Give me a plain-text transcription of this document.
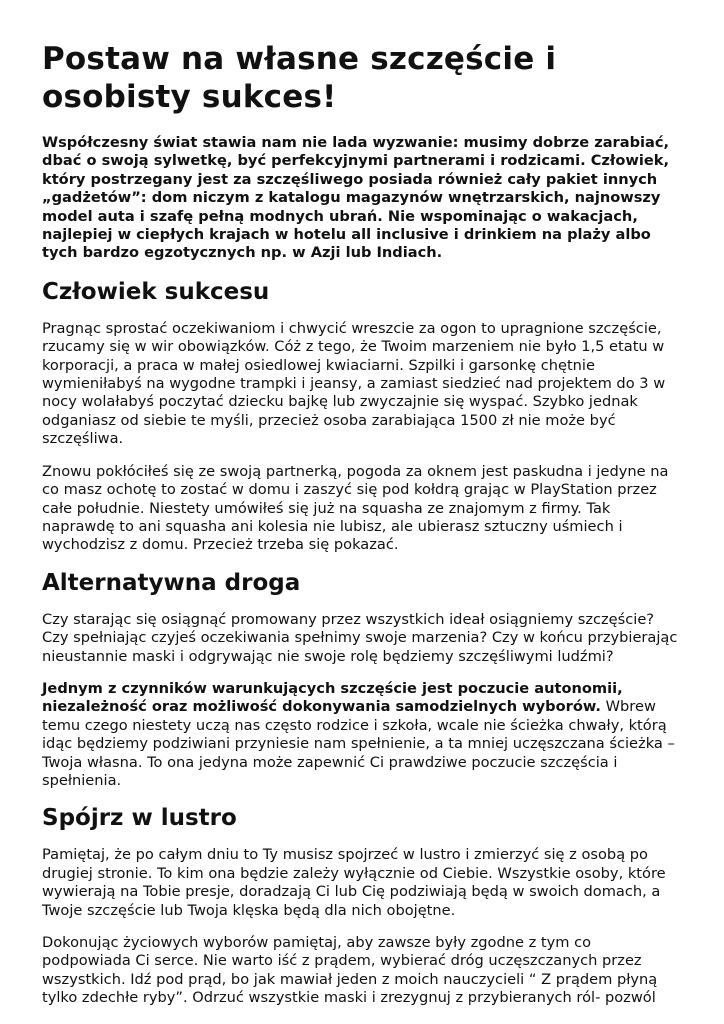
Postaw na własne szczęście i osobisty sukces!

Współczesny świat stawia nam nie lada wyzwanie: musimy dobrze zarabiać, dbać o swoją sylwetkę, być perfekcyjnymi partnerami i rodzicami. Człowiek, który postrzegany jest za szczęśliwego posiada również cały pakiet innych „gadżetów”: dom niczym z katalogu magazynów wnętrzarskich, najnowszy model auta i szafę pełną modnych ubrań. Nie wspominając o wakacjach, najlepiej w ciepłych krajach w hotelu all inclusive i drinkiem na plaży albo tych bardzo egzotycznych np. w Azji lub Indiach.

Człowiek sukcesu

Pragnąc sprostać oczekiwaniom i chwycić wreszcie za ogon to upragnione szczęście, rzucamy się w wir obowiązków. Cóż z tego, że Twoim marzeniem nie było 1,5 etatu w korporacji, a praca w małej osiedlowej kwiaciarni. Szpilki i garsonkę chętnie wymieniłabyś na wygodne trampki i jeansy, a zamiast siedzieć nad projektem do 3 w nocy wolałabyś poczytać dziecku bajkę lub zwyczajnie się wyspać. Szybko jednak odganiasz od siebie te myśli, przecież osoba zarabiająca 1500 zł nie może być szczęśliwa.

Znowu pokłóciłeś się ze swoją partnerką, pogoda za oknem jest paskudna i jedyne na co masz ochotę to zostać w domu i zaszyć się pod kołdrą grając w PlayStation przez całe południe. Niestety umówiłeś się już na squasha ze znajomym z firmy. Tak naprawdę to ani squasha ani kolesia nie lubisz, ale ubierasz sztuczny uśmiech i wychodzisz z domu. Przecież trzeba się pokazać.

Alternatywna droga

Czy starając się osiągnąć promowany przez wszystkich ideał osiągniemy szczęście? Czy spełniając czyjeś oczekiwania spełnimy swoje marzenia? Czy w końcu przybierając nieustannie maski i odgrywając nie swoje rolę będziemy szczęśliwymi ludźmi?

Jednym z czynników warunkujących szczęście jest poczucie autonomii, niezależność oraz możliwość dokonywania samodzielnych wyborów. Wbrew temu czego niestety uczą nas często rodzice i szkoła, wcale nie ścieżka chwały, którą idąc będziemy podziwiani przyniesie nam spełnienie, a ta mniej uczęszczana ścieżka – Twoja własna. To ona jedyna może zapewnić Ci prawdziwe poczucie szczęścia i spełnienia.

Spójrz w lustro

Pamiętaj, że po całym dniu to Ty musisz spojrzeć w lustro i zmierzyć się z osobą po drugiej stronie. To kim ona będzie zależy wyłącznie od Ciebie. Wszystkie osoby, które wywierają na Tobie presje, doradzają Ci lub Cię podziwiają będą w swoich domach, a Twoje szczęście lub Twoja klęska będą dla nich obojętne.

Dokonując życiowych wyborów pamiętaj, aby zawsze były zgodne z tym co podpowiada Ci serce. Nie warto iść z prądem, wybierać dróg uczęszczanych przez wszystkich. Idź pod prąd, bo jak mawiał jeden z moich nauczycieli “ Z prądem płyną tylko zdechłe ryby”. Odrzuć wszystkie maski i zrezygnuj z przybieranych ról- pozwól
